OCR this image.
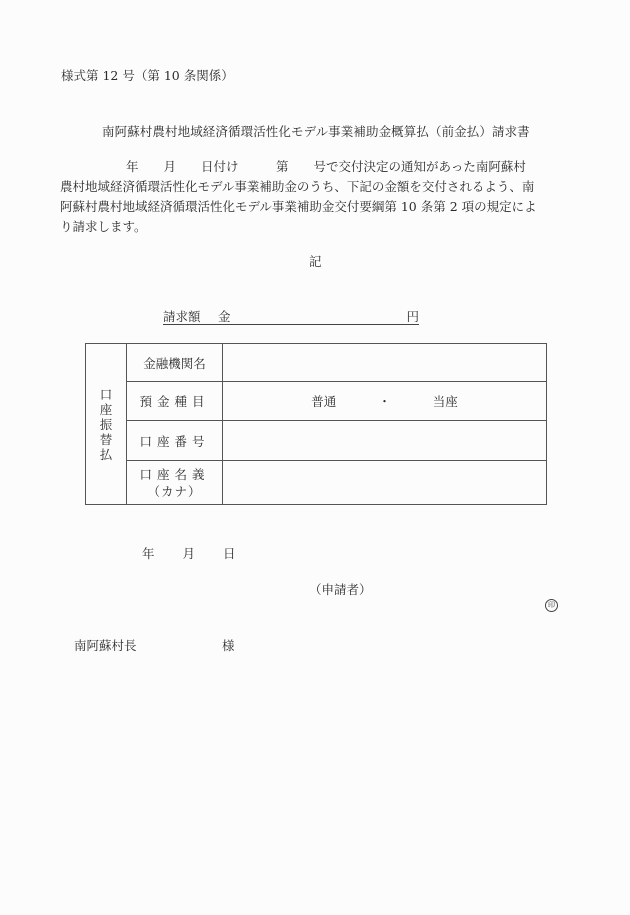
様式第 12 号（第 10 条関係）
南阿蘇村農村地域経済循環活性化モデル事業補助金概算払（前金払）請求書
年　　月　　日付け　　　第　　号で交付決定の通知があった南阿蘇村
農村地域経済循環活性化モデル事業補助金のうち、下記の金額を交付されるよう、南
阿蘇村農村地域経済循環活性化モデル事業補助金交付要綱第 10 条第 2 項の規定によ
り請求します。
記
請求額 金	円
口
座
振
替
払	金融機関名	
	預金種目	普通 ・ 当座
	口座番号	

	口座名義
（カナ）	

年 月 日
（申請者）
印
南阿蘇村長	様
